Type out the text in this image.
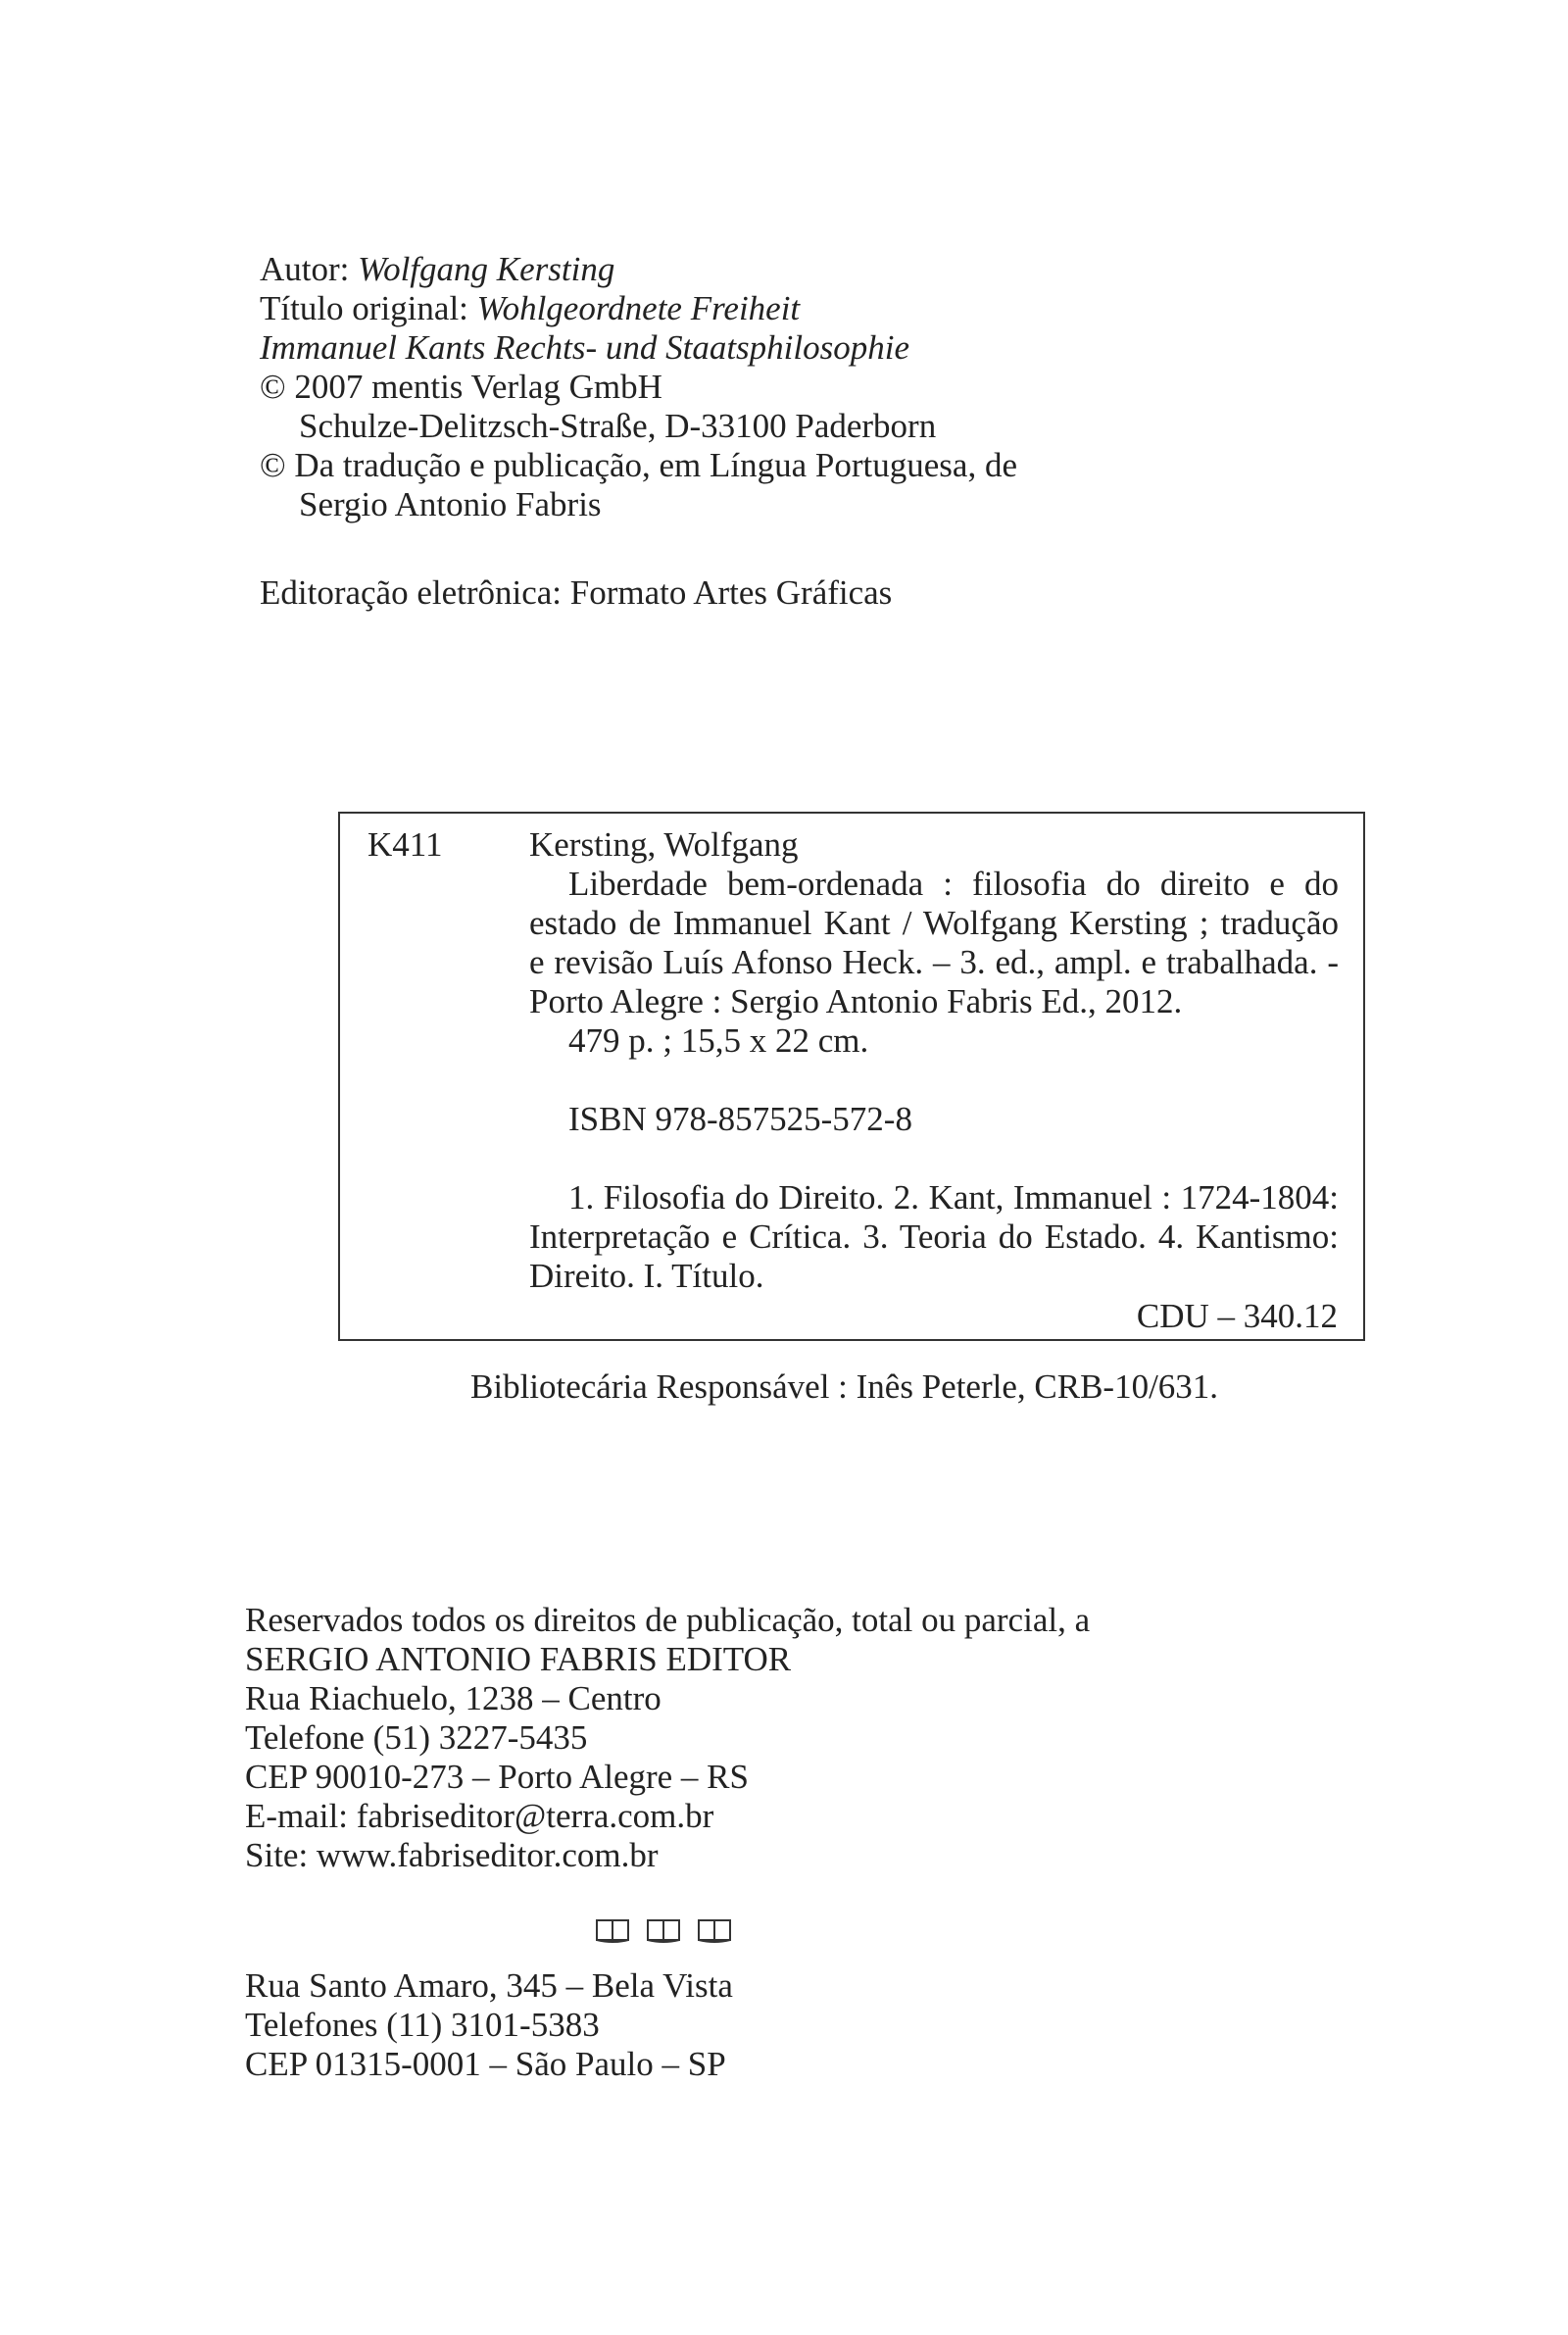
Autor: Wolfgang Kersting
Título original: Wohlgeordnete Freiheit
Immanuel Kants Rechts- und Staatsphilosophie
© 2007 mentis Verlag GmbH
Schulze-Delitzsch-Straße, D-33100 Paderborn
© Da tradução e publicação, em Língua Portuguesa, de
Sergio Antonio Fabris
Editoração eletrônica: Formato Artes Gráficas
K411	Kersting, Wolfgang
Liberdade bem-ordenada : filosofia do direito e do
estado de Immanuel Kant / Wolfgang Kersting ; tradução
e revisão Luís Afonso Heck. – 3. ed., ampl. e trabalhada. -
Porto Alegre : Sergio Antonio Fabris Ed., 2012.
479 p. ; 15,5 x 22 cm.
ISBN 978-857525-572-8
1. Filosofia do Direito. 2. Kant, Immanuel : 1724-1804:
Interpretação e Crítica. 3. Teoria do Estado. 4. Kantismo:
Direito. I. Título.
CDU – 340.12
Bibliotecária Responsável : Inês Peterle, CRB-10/631.
Reservados todos os direitos de publicação, total ou parcial, a
SERGIO ANTONIO FABRIS EDITOR
Rua Riachuelo, 1238 – Centro
Telefone (51) 3227-5435
CEP 90010-273 – Porto Alegre – RS
E-mail: fabriseditor@terra.com.br
Site: www.fabriseditor.com.br
Rua Santo Amaro, 345 – Bela Vista
Telefones (11) 3101-5383
CEP 01315-0001 – São Paulo – SP
